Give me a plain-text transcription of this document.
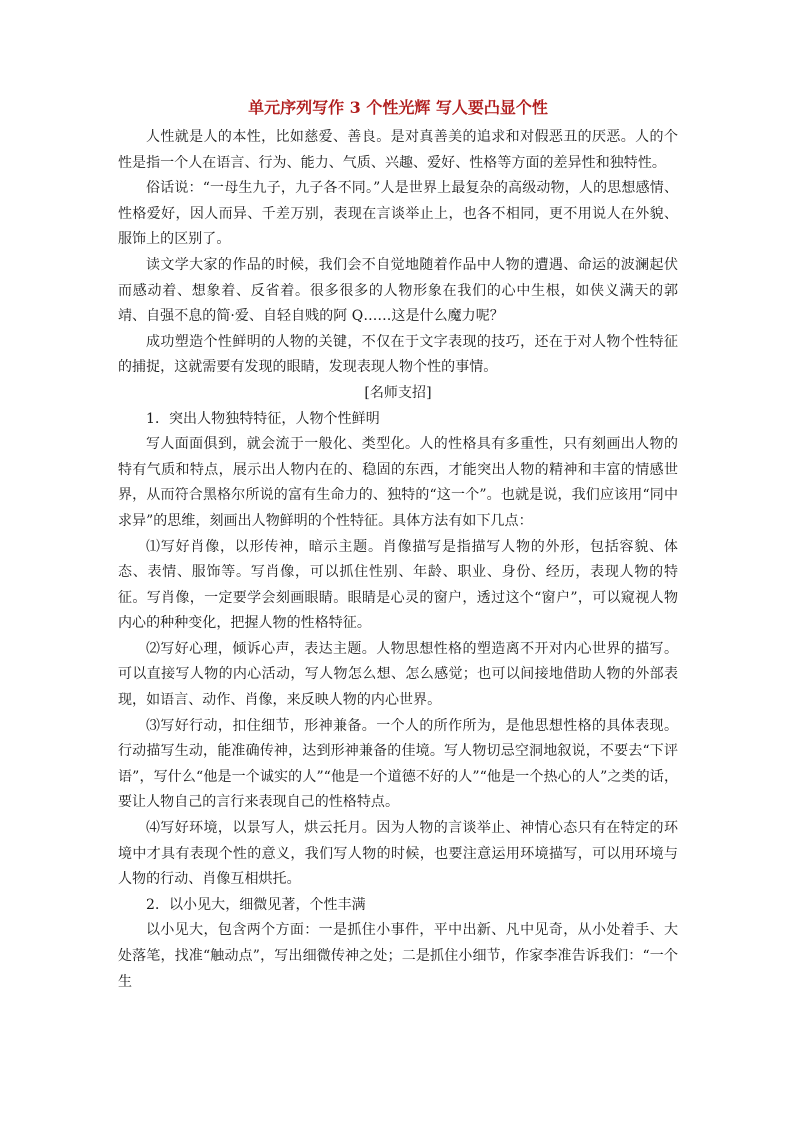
单元序列写作 3 个性光辉 写人要凸显个性

人性就是人的本性，比如慈爱、善良。是对真善美的追求和对假恶丑的厌恶。人的个性是指一个人在语言、行为、能力、气质、兴趣、爱好、性格等方面的差异性和独特性。

俗话说：“一母生九子，九子各不同。”人是世界上最复杂的高级动物，人的思想感情、性格爱好，因人而异、千差万别，表现在言谈举止上，也各不相同，更不用说人在外貌、服饰上的区别了。

读文学大家的作品的时候，我们会不自觉地随着作品中人物的遭遇、命运的波澜起伏而感动着、想象着、反省着。很多很多的人物形象在我们的心中生根，如侠义满天的郭靖、自强不息的简·爱、自轻自贱的阿 Q……这是什么魔力呢？

成功塑造个性鲜明的人物的关键，不仅在于文字表现的技巧，还在于对人物个性特征的捕捉，这就需要有发现的眼睛，发现表现人物个性的事情。

[名师支招]

1．突出人物独特特征，人物个性鲜明

写人面面俱到，就会流于一般化、类型化。人的性格具有多重性，只有刻画出人物的特有气质和特点，展示出人物内在的、稳固的东西，才能突出人物的精神和丰富的情感世界，从而符合黑格尔所说的富有生命力的、独特的“这一个”。也就是说，我们应该用“同中求异”的思维，刻画出人物鲜明的个性特征。具体方法有如下几点：

⑴写好肖像，以形传神，暗示主题。肖像描写是指描写人物的外形，包括容貌、体态、表情、服饰等。写肖像，可以抓住性别、年龄、职业、身份、经历，表现人物的特征。写肖像，一定要学会刻画眼睛。眼睛是心灵的窗户，透过这个“窗户”，可以窥视人物内心的种种变化，把握人物的性格特征。

⑵写好心理，倾诉心声，表达主题。人物思想性格的塑造离不开对内心世界的描写。可以直接写人物的内心活动，写人物怎么想、怎么感觉；也可以间接地借助人物的外部表现，如语言、动作、肖像，来反映人物的内心世界。

⑶写好行动，扣住细节，形神兼备。一个人的所作所为，是他思想性格的具体表现。行动描写生动，能准确传神，达到形神兼备的佳境。写人物切忌空洞地叙说，不要去“下评语”，写什么“他是一个诚实的人”“他是一个道德不好的人”“他是一个热心的人”之类的话，要让人物自己的言行来表现自己的性格特点。

⑷写好环境，以景写人，烘云托月。因为人物的言谈举止、神情心态只有在特定的环境中才具有表现个性的意义，我们写人物的时候，也要注意运用环境描写，可以用环境与人物的行动、肖像互相烘托。

2．以小见大，细微见著，个性丰满

以小见大，包含两个方面：一是抓住小事件，平中出新、凡中见奇，从小处着手、大处落笔，找准“触动点”，写出细微传神之处；二是抓住小细节，作家李准告诉我们：“一个生
